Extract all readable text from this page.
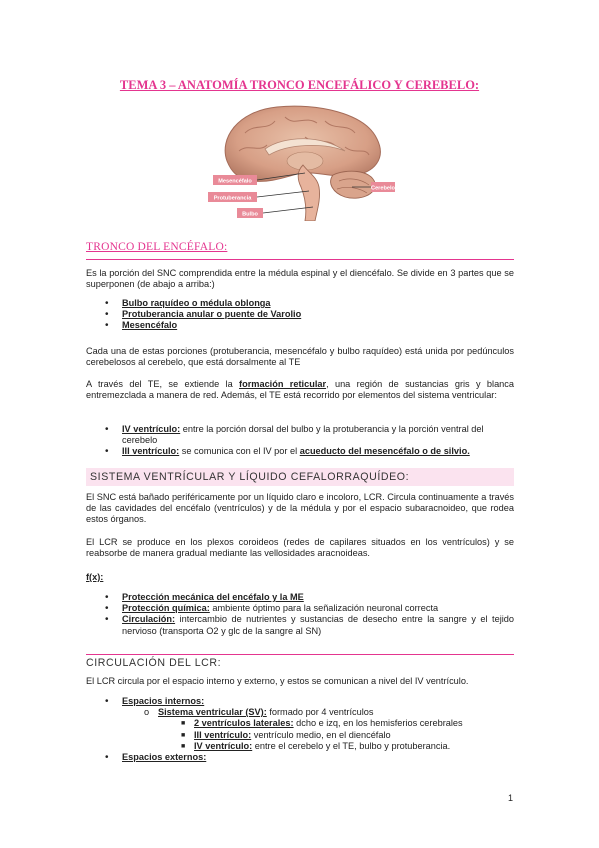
TEMA 3 – ANATOMÍA TRONCO ENCEFÁLICO Y CEREBELO:
Mesencéfalo
Protuberancia
Bulbo
Cerebelo
TRONCO DEL ENCÉFALO:
Es la porción del SNC comprendida entre la médula espinal y el diencéfalo. Se divide en 3 partes que se superponen (de abajo a arriba:)
• Bulbo raquídeo o médula oblonga
• Protuberancia anular o puente de Varolio
• Mesencéfalo
Cada una de estas porciones (protuberancia, mesencéfalo y bulbo raquídeo) está unida por pedúnculos cerebelosos al cerebelo, que está dorsalmente al TE
A través del TE, se extiende la formación reticular, una región de sustancias gris y blanca entremezclada a manera de red. Además, el TE está recorrido por elementos del sistema ventricular:
• IV ventrículo: entre la porción dorsal del bulbo y la protuberancia y la porción ventral del cerebelo
• III ventrículo: se comunica con el IV por el acueducto del mesencéfalo o de silvio.
SISTEMA VENTRÍCULAR Y LÍQUIDO CEFALORRAQUÍDEO:
El SNC está bañado periféricamente por un líquido claro e incoloro, LCR. Circula continuamente a través de las cavidades del encéfalo (ventrículos) y de la médula y por el espacio subaracnoideo, que rodea estos órganos.
El LCR se produce en los plexos coroideos (redes de capilares situados en los ventrículos) y se reabsorbe de manera gradual mediante las vellosidades aracnoideas.
f(x):
• Protección mecánica del encéfalo y la ME
• Protección química: ambiente óptimo para la señalización neuronal correcta
• Circulación: intercambio de nutrientes y sustancias de desecho entre la sangre y el tejido nervioso (transporta O2 y glc de la sangre al SN)
CIRCULACIÓN DEL LCR:
El LCR circula por el espacio interno y externo, y estos se comunican a nivel del IV ventrículo.
• Espacios internos:
o Sistema ventricular (SV): formado por 4 ventrículos
■ 2 ventrículos laterales: dcho e izq, en los hemisferios cerebrales
■ III ventrículo: ventrículo medio, en el diencéfalo
■ IV ventrículo: entre el cerebelo y el TE, bulbo y protuberancia.
• Espacios externos:
1
